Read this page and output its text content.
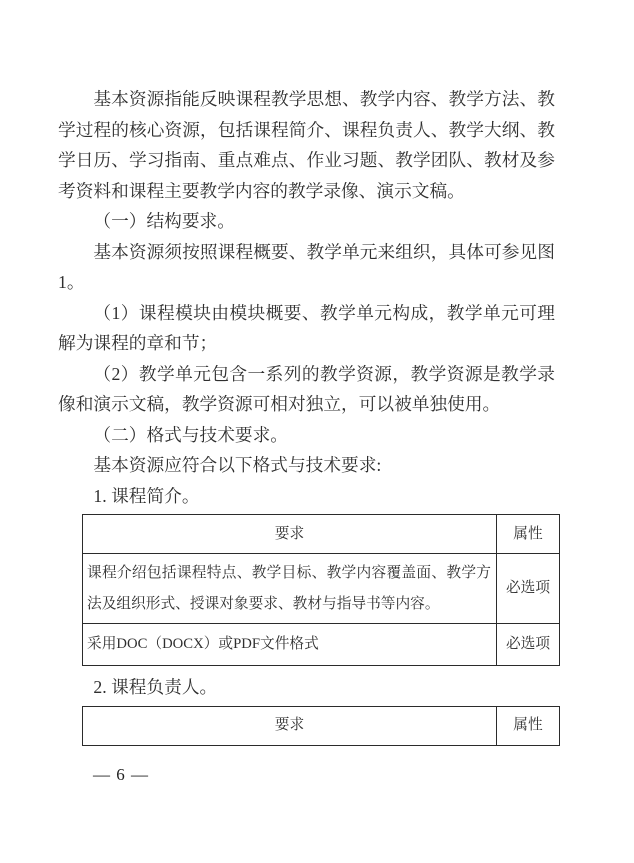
基本资源指能反映课程教学思想、教学内容、教学方法、教学过程的核心资源，包括课程简介、课程负责人、教学大纲、教学日历、学习指南、重点难点、作业习题、教学团队、教材及参考资料和课程主要教学内容的教学录像、演示文稿。

（一）结构要求。

基本资源须按照课程概要、教学单元来组织，具体可参见图1。

（1）课程模块由模块概要、教学单元构成，教学单元可理解为课程的章和节；

（2）教学单元包含一系列的教学资源，教学资源是教学录像和演示文稿，教学资源可相对独立，可以被单独使用。

（二）格式与技术要求。

基本资源应符合以下格式与技术要求:

1. 课程简介。

要求	属性
课程介绍包括课程特点、教学目标、教学内容覆盖面、教学方法及组织形式、授课对象要求、教材与指导书等内容。	必选项
采用DOC（DOCX）或PDF文件格式	必选项

2. 课程负责人。

要求	属性
— 6 —
